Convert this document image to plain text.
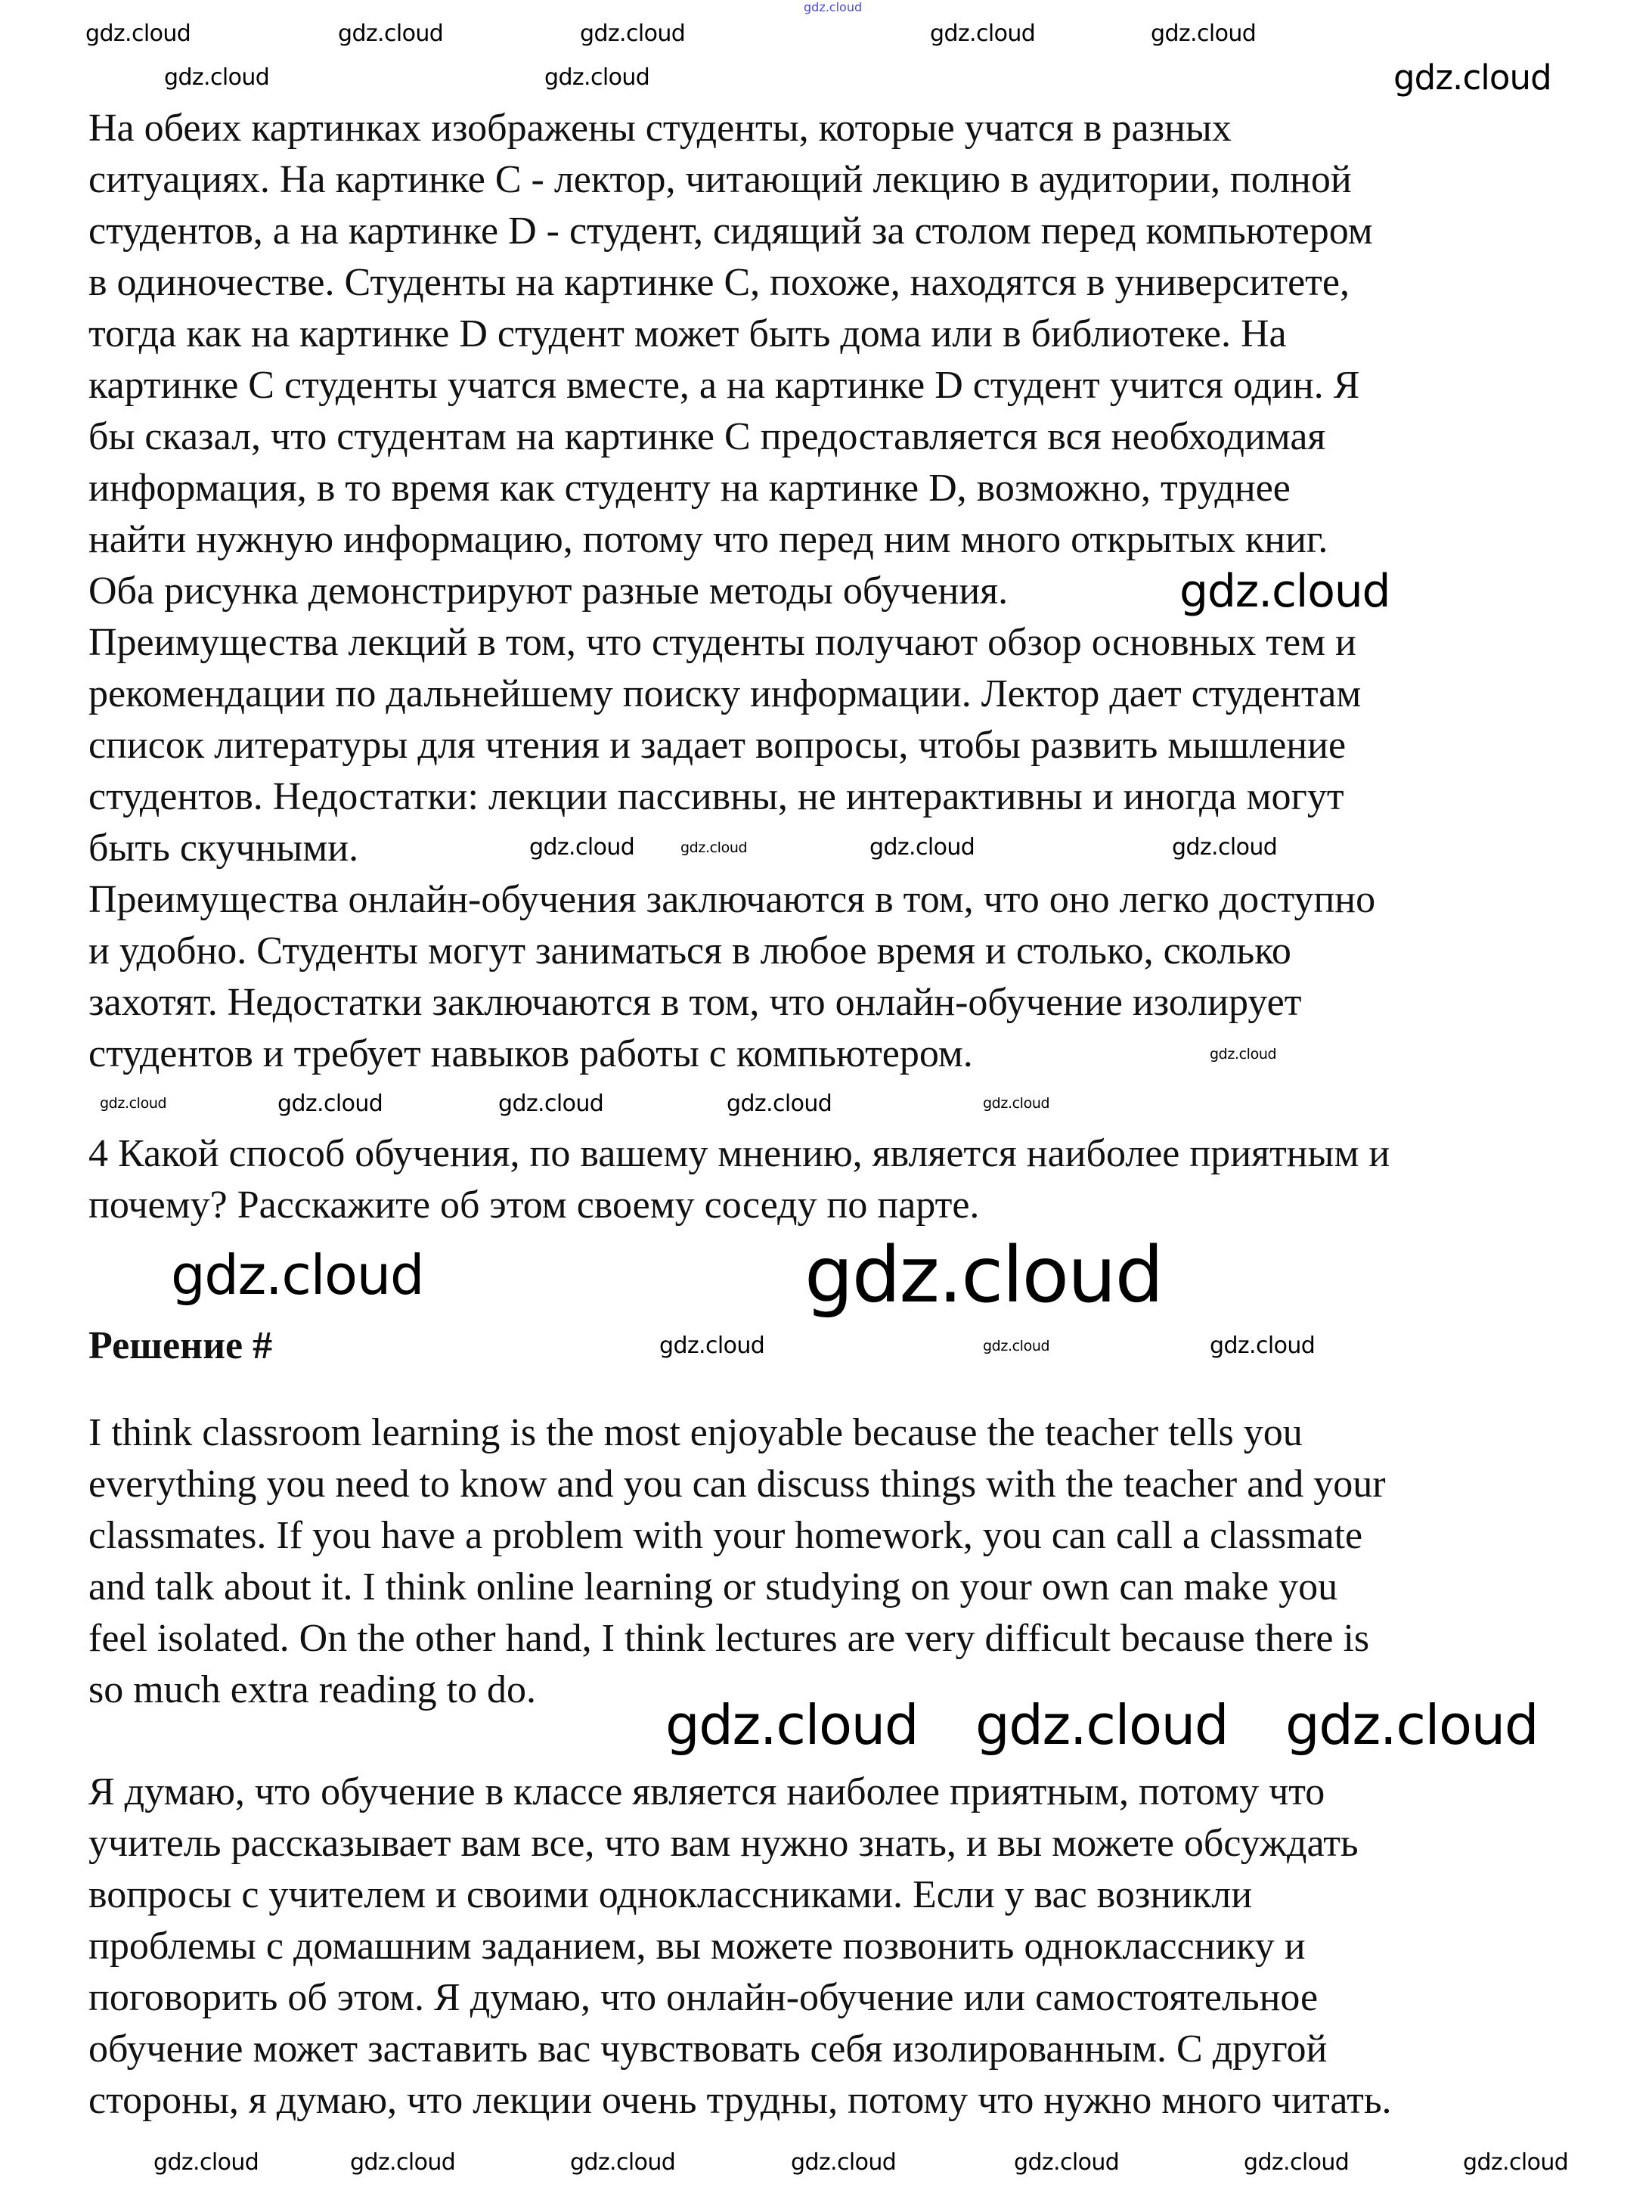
gdz.cloud
На обеих картинках изображены студенты, которые учатся в разных
ситуациях. На картинке C - лектор, читающий лекцию в аудитории, полной
студентов, а на картинке D - студент, сидящий за столом перед компьютером
в одиночестве. Студенты на картинке C, похоже, находятся в университете,
тогда как на картинке D студент может быть дома или в библиотеке. На
картинке C студенты учатся вместе, а на картинке D студент учится один. Я
бы сказал, что студентам на картинке C предоставляется вся необходимая
информация, в то время как студенту на картинке D, возможно, труднее
найти нужную информацию, потому что перед ним много открытых книг.
Оба рисунка демонстрируют разные методы обучения.
Преимущества лекций в том, что студенты получают обзор основных тем и
рекомендации по дальнейшему поиску информации. Лектор дает студентам
список литературы для чтения и задает вопросы, чтобы развить мышление
студентов. Недостатки: лекции пассивны, не интерактивны и иногда могут
быть скучными.
Преимущества онлайн-обучения заключаются в том, что оно легко доступно
и удобно. Студенты могут заниматься в любое время и столько, сколько
захотят. Недостатки заключаются в том, что онлайн-обучение изолирует
студентов и требует навыков работы с компьютером.
4 Какой способ обучения, по вашему мнению, является наиболее приятным и
почему? Расскажите об этом своему соседу по парте.
Решение #
I think classroom learning is the most enjoyable because the teacher tells you
everything you need to know and you can discuss things with the teacher and your
classmates. If you have a problem with your homework, you can call a classmate
and talk about it. I think online learning or studying on your own can make you
feel isolated. On the other hand, I think lectures are very difficult because there is
so much extra reading to do.
Я думаю, что обучение в классе является наиболее приятным, потому что
учитель рассказывает вам все, что вам нужно знать, и вы можете обсуждать
вопросы с учителем и своими одноклассниками. Если у вас возникли
проблемы с домашним заданием, вы можете позвонить однокласснику и
поговорить об этом. Я думаю, что онлайн-обучение или самостоятельное
обучение может заставить вас чувствовать себя изолированным. С другой
стороны, я думаю, что лекции очень трудны, потому что нужно много читать.
gdz.cloud	gdz.cloud	gdz.cloud	gdz.cloud	gdz.cloud
gdz.cloud	gdz.cloud	gdz.cloud
gdz.cloud
gdz.cloud	gdz.cloud	gdz.cloud	gdz.cloud
gdz.cloud
gdz.cloud	gdz.cloud	gdz.cloud	gdz.cloud	gdz.cloud
gdz.cloud	gdz.cloud
gdz.cloud	gdz.cloud	gdz.cloud
gdz.cloud gdz.cloud gdz.cloud
gdz.cloud	gdz.cloud	gdz.cloud	gdz.cloud	gdz.cloud	gdz.cloud	gdz.cloud
